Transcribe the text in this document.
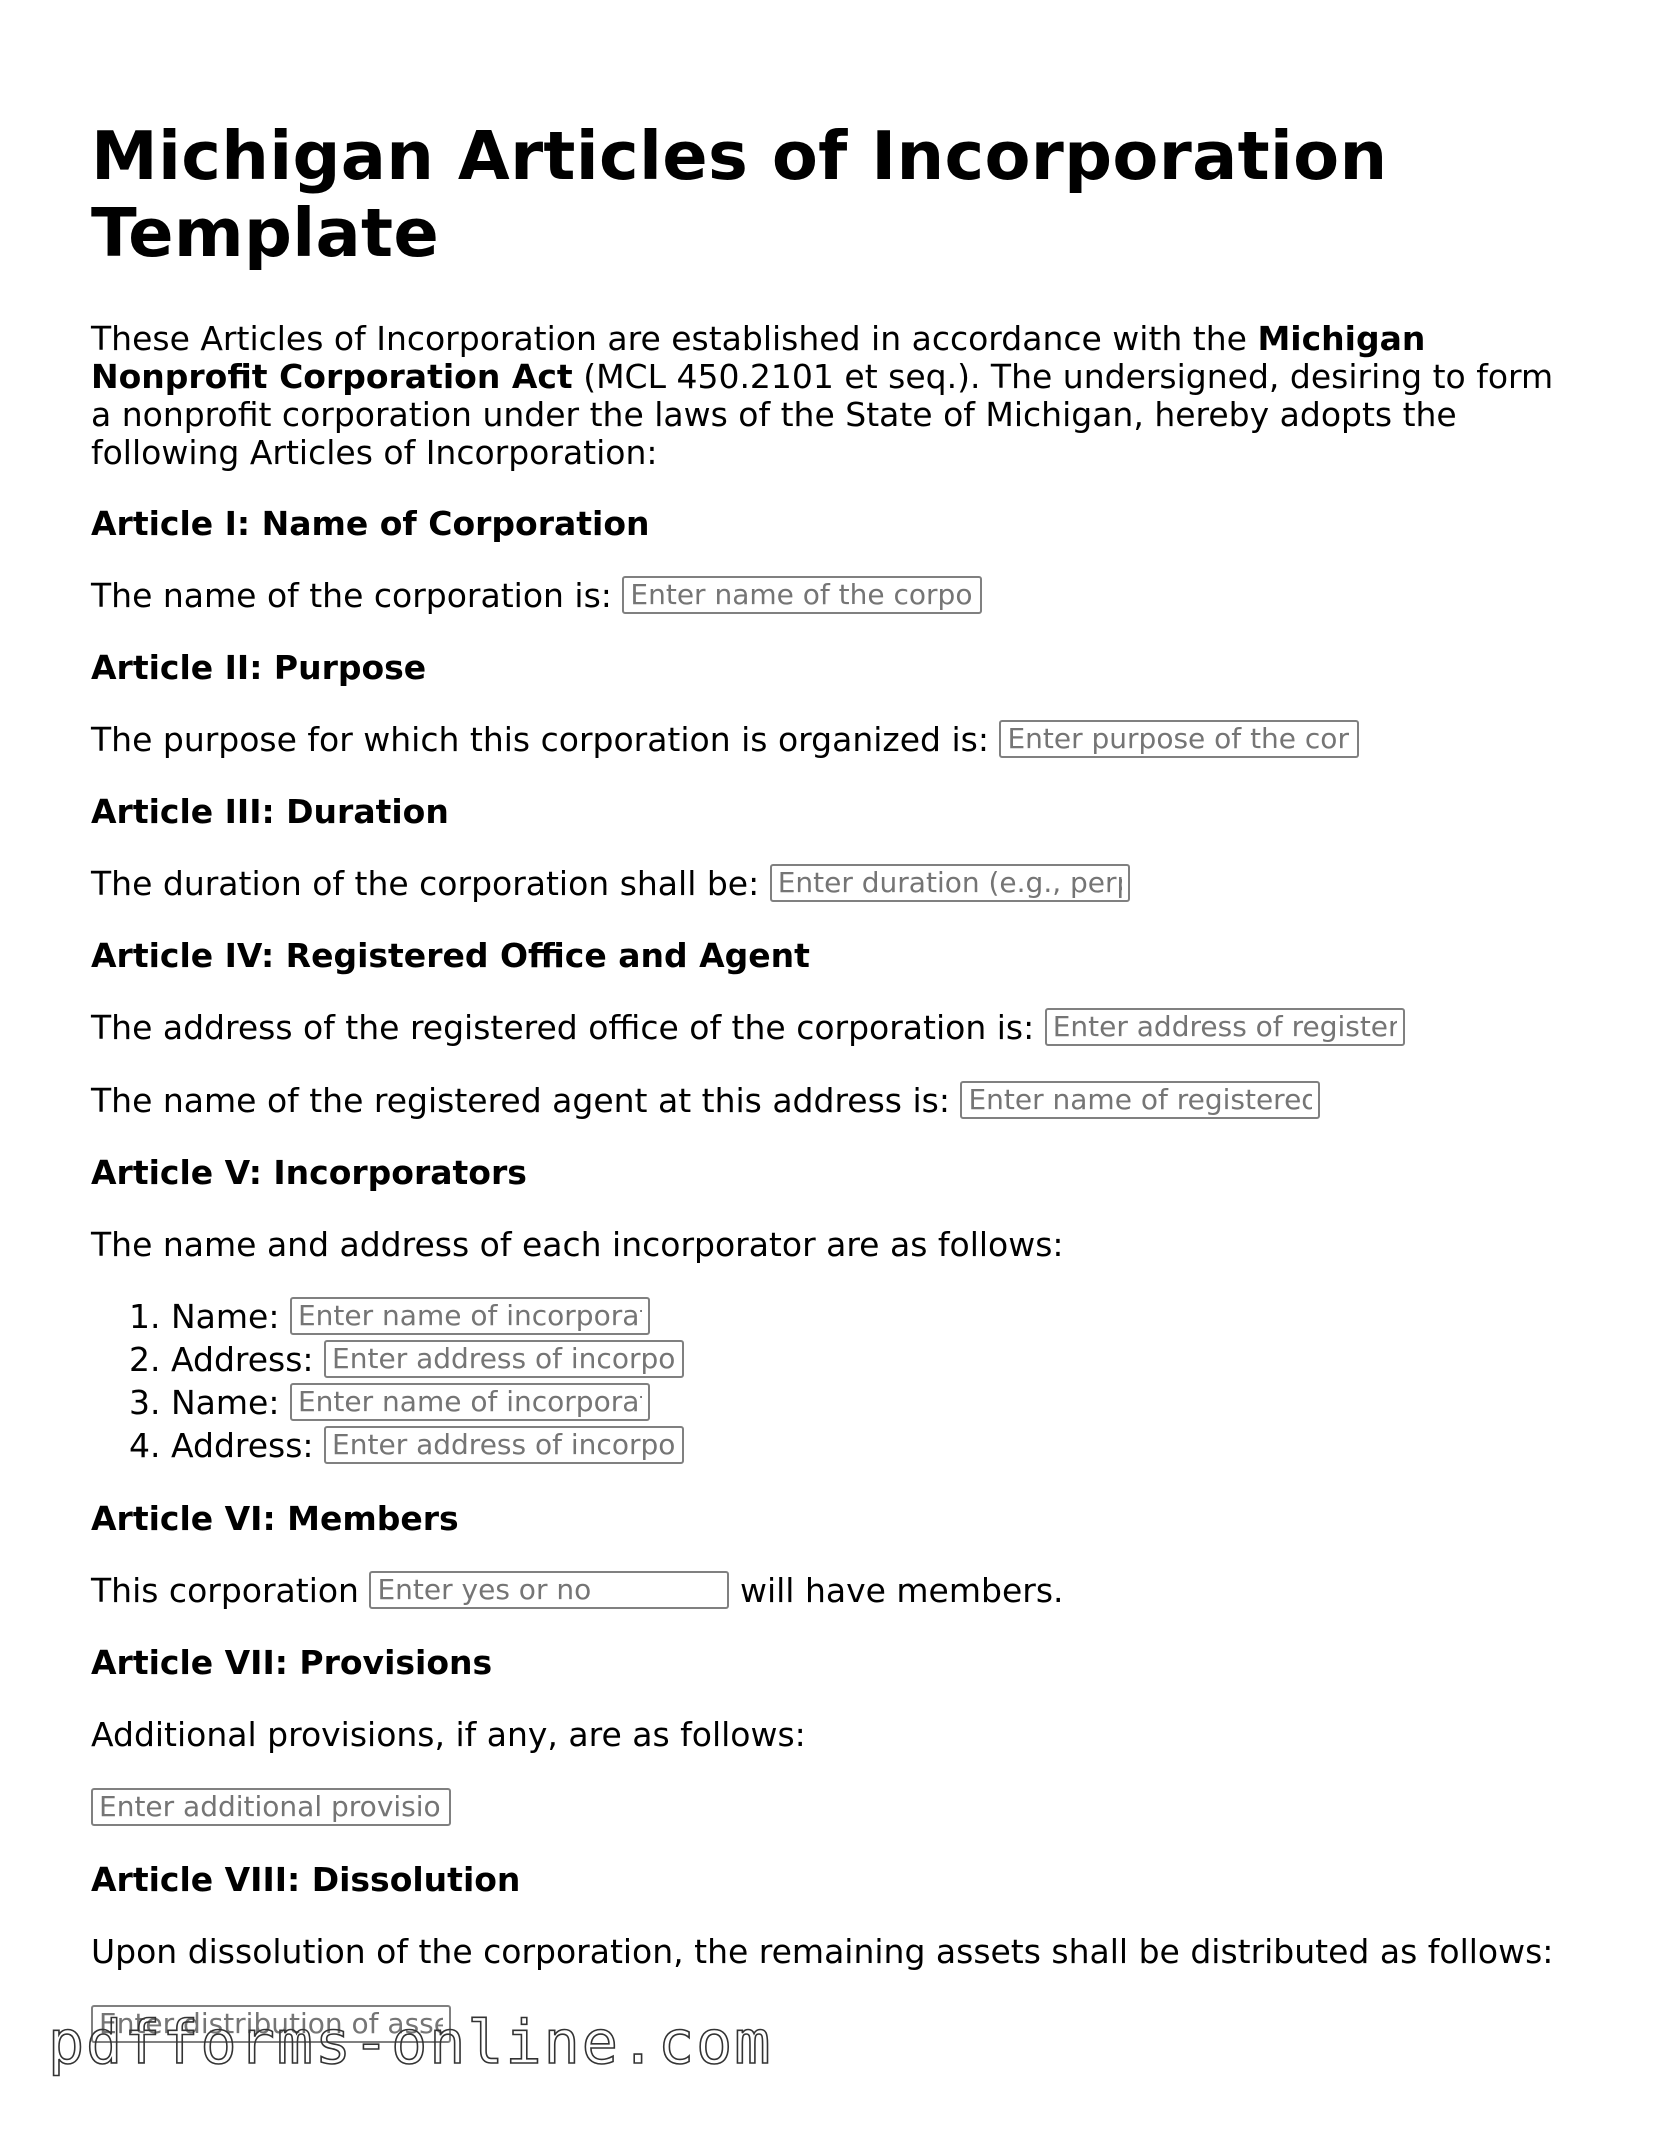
Michigan Articles of Incorporation Template

These Articles of Incorporation are established in accordance with the Michigan Nonprofit Corporation Act (MCL 450.2101 et seq.). The undersigned, desiring to form a nonprofit corporation under the laws of the State of Michigan, hereby adopts the following Articles of Incorporation:

Article I: Name of Corporation
The name of the corporation is: Enter name of the corporation
Article II: Purpose
The purpose for which this corporation is organized is: Enter purpose of the corporation
Article III: Duration
The duration of the corporation shall be: Enter duration (e.g., perpetual)
Article IV: Registered Office and Agent
The address of the registered office of the corporation is: Enter address of registered office
The name of the registered agent at this address is: Enter name of registered agent
Article V: Incorporators
The name and address of each incorporator are as follows:
1. Name: Enter name of incorporator
2. Address: Enter address of incorporator
3. Name: Enter name of incorporator
4. Address: Enter address of incorporator
Article VI: Members
This corporation Enter yes or no	will have members.
Article VII: Provisions
Additional provisions, if any, are as follows:
Enter additional provisions
Article VIII: Dissolution
Upon dissolution of the corporation, the remaining assets shall be distributed as follows:
Enter distribution of assets
pdfforms-online.com
